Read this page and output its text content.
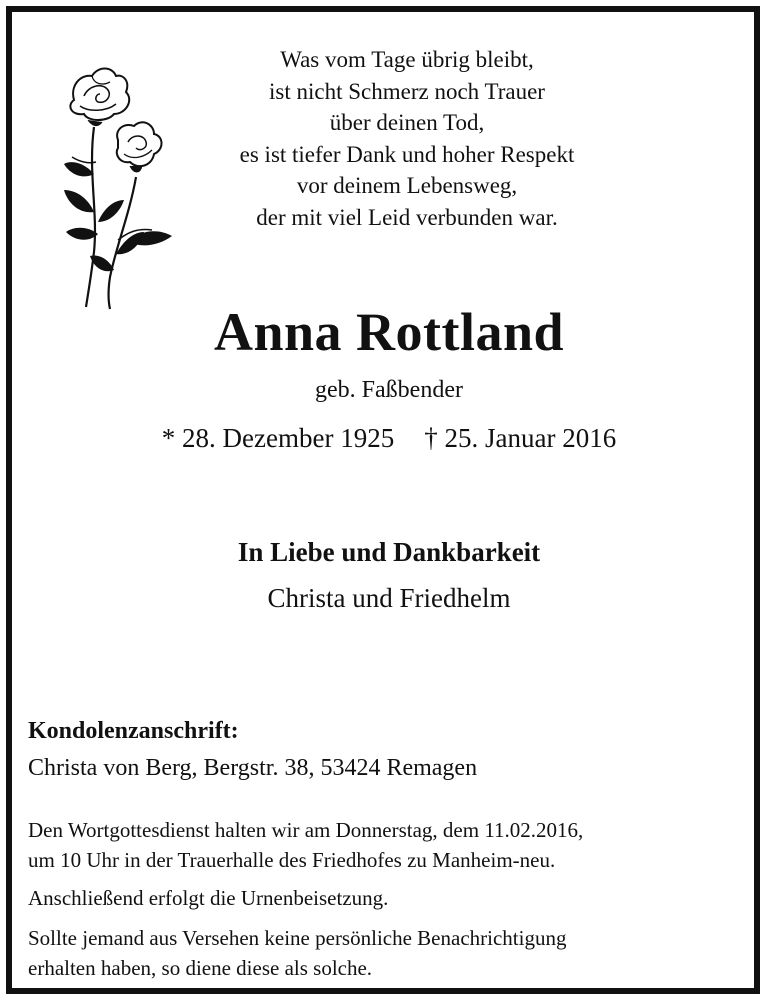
Was vom Tage übrig bleibt,
ist nicht Schmerz noch Trauer
über deinen Tod,
es ist tiefer Dank und hoher Respekt
vor deinem Lebensweg,
der mit viel Leid verbunden war.
Anna Rottland
geb. Faßbender
* 28. Dezember 1925 † 25. Januar 2016
In Liebe und Dankbarkeit
Christa und Friedhelm
Kondolenzanschrift:
Christa von Berg, Bergstr. 38, 53424 Remagen
Den Wortgottesdienst halten wir am Donnerstag, dem 11.02.2016,
um 10 Uhr in der Trauerhalle des Friedhofes zu Manheim-neu.
Anschließend erfolgt die Urnenbeisetzung.
Sollte jemand aus Versehen keine persönliche Benachrichtigung
erhalten haben, so diene diese als solche.
